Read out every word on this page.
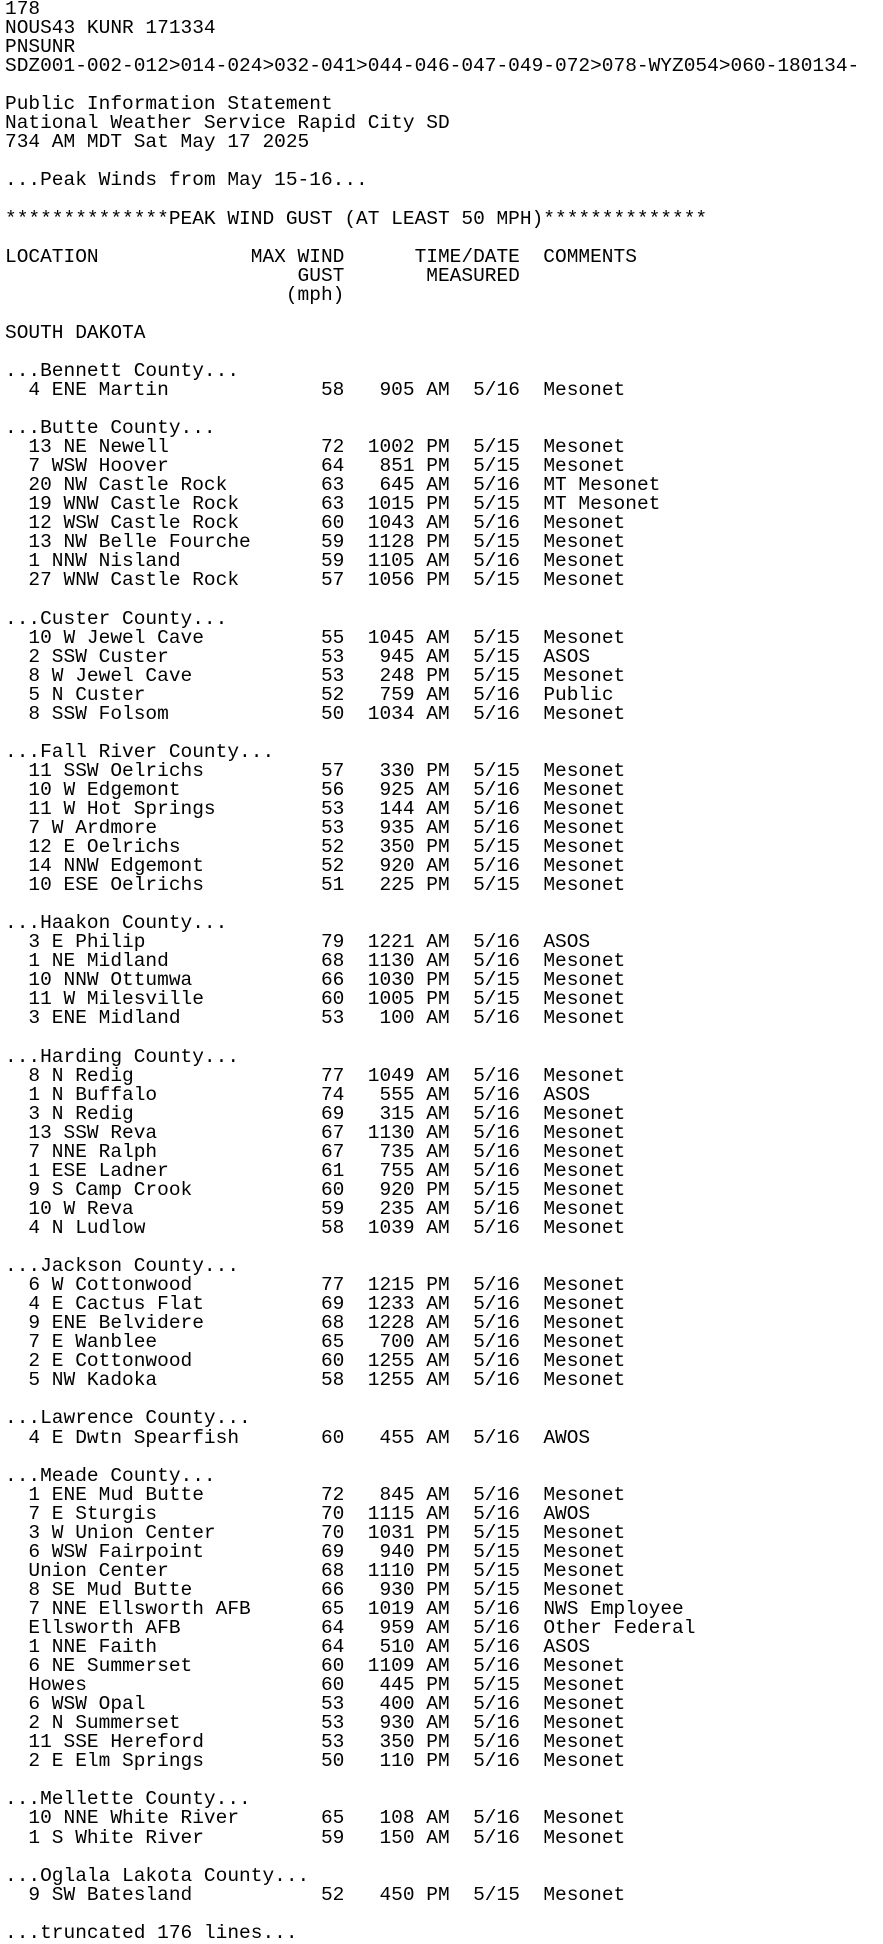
178
NOUS43 KUNR 171334
PNSUNR
SDZ001-002-012>014-024>032-041>044-046-047-049-072>078-WYZ054>060-180134-

Public Information Statement
National Weather Service Rapid City SD
734 AM MDT Sat May 17 2025

...Peak Winds from May 15-16...

**************PEAK WIND GUST (AT LEAST 50 MPH)**************

LOCATION             MAX WIND      TIME/DATE  COMMENTS
GUST       MEASURED
(mph)

SOUTH DAKOTA

...Bennett County...
4 ENE Martin	58 905 AM 5/16 Mesonet

...Butte County...
13 NE Newell	72 1002 PM 5/15 Mesonet
7 WSW Hoover	64 851 PM 5/15 Mesonet
20 NW Castle Rock	63 645 AM 5/16 MT Mesonet
19 WNW Castle Rock	63 1015 PM 5/15 MT Mesonet
12 WSW Castle Rock	60 1043 AM 5/16 Mesonet
13 NW Belle Fourche	59 1128 PM 5/15 Mesonet
1 NNW Nisland	59 1105 AM 5/16 Mesonet
27 WNW Castle Rock	57 1056 PM 5/15 Mesonet

...Custer County...
10 W Jewel Cave	55 1045 AM 5/15 Mesonet
2 SSW Custer	53 945 AM 5/15 ASOS
8 W Jewel Cave	53 248 PM 5/15 Mesonet
5 N Custer	52 759 AM 5/16 Public
8 SSW Folsom	50 1034 AM 5/16 Mesonet

...Fall River County...
11 SSW Oelrichs	57 330 PM 5/15 Mesonet
10 W Edgemont	56 925 AM 5/16 Mesonet
11 W Hot Springs	53 144 AM 5/16 Mesonet
7 W Ardmore	53 935 AM 5/16 Mesonet
12 E Oelrichs	52 350 PM 5/15 Mesonet
14 NNW Edgemont	52 920 AM 5/16 Mesonet
10 ESE Oelrichs	51 225 PM 5/15 Mesonet

...Haakon County...
3 E Philip	79 1221 AM 5/16 ASOS
1 NE Midland	68 1130 AM 5/16 Mesonet
10 NNW Ottumwa	66 1030 PM 5/15 Mesonet
11 W Milesville	60 1005 PM 5/15 Mesonet
3 ENE Midland	53 100 AM 5/16 Mesonet

...Harding County...
8 N Redig	77 1049 AM 5/16 Mesonet
1 N Buffalo	74 555 AM 5/16 ASOS
3 N Redig	69 315 AM 5/16 Mesonet
13 SSW Reva	67 1130 AM 5/16 Mesonet
7 NNE Ralph	67 735 AM 5/16 Mesonet
1 ESE Ladner	61 755 AM 5/16 Mesonet
9 S Camp Crook	60 920 PM 5/15 Mesonet
10 W Reva	59 235 AM 5/16 Mesonet
4 N Ludlow	58 1039 AM 5/16 Mesonet

...Jackson County...
6 W Cottonwood	77 1215 PM 5/16 Mesonet
4 E Cactus Flat	69 1233 AM 5/16 Mesonet
9 ENE Belvidere	68 1228 AM 5/16 Mesonet
7 E Wanblee	65 700 AM 5/16 Mesonet
2 E Cottonwood	60 1255 AM 5/16 Mesonet
5 NW Kadoka	58 1255 AM 5/16 Mesonet

...Lawrence County...
4 E Dwtn Spearfish	60 455 AM 5/16 AWOS

...Meade County...
1 ENE Mud Butte	72 845 AM 5/16 Mesonet
7 E Sturgis	70 1115 AM 5/16 AWOS
3 W Union Center	70 1031 PM 5/15 Mesonet
6 WSW Fairpoint	69 940 PM 5/15 Mesonet
Union Center	68 1110 PM 5/15 Mesonet
8 SE Mud Butte	66 930 PM 5/15 Mesonet
7 NNE Ellsworth AFB	65 1019 AM 5/16 NWS Employee
Ellsworth AFB	64 959 AM 5/16 Other Federal
1 NNE Faith	64 510 AM 5/16 ASOS
6 NE Summerset	60 1109 AM 5/16 Mesonet
Howes	60 445 PM 5/15 Mesonet
6 WSW Opal	53 400 AM 5/16 Mesonet
2 N Summerset	53 930 AM 5/16 Mesonet
11 SSE Hereford	53 350 PM 5/16 Mesonet
2 E Elm Springs	50 110 PM 5/16 Mesonet

...Mellette County...
10 NNE White River	65 108 AM 5/16 Mesonet
1 S White River	59 150 AM 5/16 Mesonet

...Oglala Lakota County...
9 SW Batesland	52 450 PM 5/15 Mesonet

...truncated 176 lines...
